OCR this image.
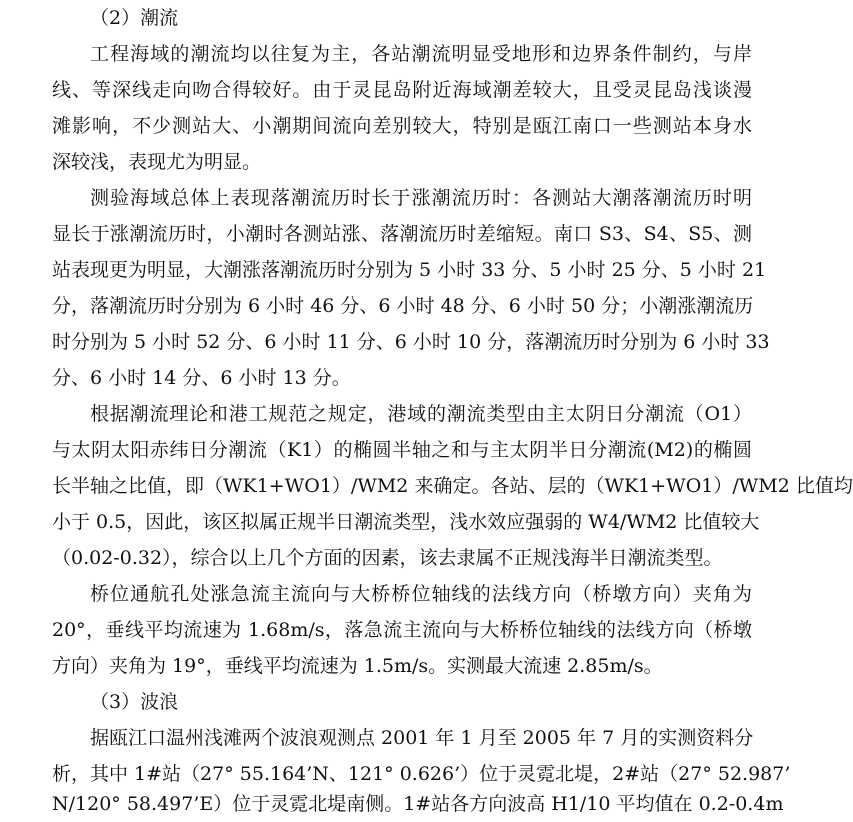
（2）潮流
工程海域的潮流均以往复为主，各站潮流明显受地形和边界条件制约，与岸
线、等深线走向吻合得较好。由于灵昆岛附近海域潮差较大，且受灵昆岛浅谈漫
滩影响，不少测站大、小潮期间流向差别较大，特别是瓯江南口一些测站本身水
深较浅，表现尤为明显。
测验海域总体上表现落潮流历时长于涨潮流历时：各测站大潮落潮流历时明
显长于涨潮流历时，小潮时各测站涨、落潮流历时差缩短。南口 S3、S4、S5、测
站表现更为明显，大潮涨落潮流历时分别为 5 小时 33 分、5 小时 25 分、5 小时 21
分，落潮流历时分别为 6 小时 46 分、6 小时 48 分、6 小时 50 分；小潮涨潮流历
时分别为 5 小时 52 分、6 小时 11 分、6 小时 10 分，落潮流历时分别为 6 小时 33
分、6 小时 14 分、6 小时 13 分。
根据潮流理论和港工规范之规定，港域的潮流类型由主太阴日分潮流（O1）
与太阴太阳赤纬日分潮流（K1）的椭圆半轴之和与主太阴半日分潮流(M2)的椭圆
长半轴之比值，即（WK1+WO1）/WM2 来确定。各站、层的（WK1+WO1）/WM2 比值均
小于 0.5，因此，该区拟属正规半日潮流类型，浅水效应强弱的 W4/WM2 比值较大
（0.02-0.32），综合以上几个方面的因素，该去隶属不正规浅海半日潮流类型。
桥位通航孔处涨急流主流向与大桥桥位轴线的法线方向（桥墩方向）夹角为
20°，垂线平均流速为 1.68m/s，落急流主流向与大桥桥位轴线的法线方向（桥墩
方向）夹角为 19°，垂线平均流速为 1.5m/s。实测最大流速 2.85m/s。
（3）波浪
据瓯江口温州浅滩两个波浪观测点 2001 年 1 月至 2005 年 7 月的实测资料分
析，其中 1#站（27° 55.164’N、121° 0.626’）位于灵霓北堤，2#站（27° 52.987’
N/120° 58.497’E）位于灵霓北堤南侧。1#站各方向波高 H1/10 平均值在 0.2-0.4m
